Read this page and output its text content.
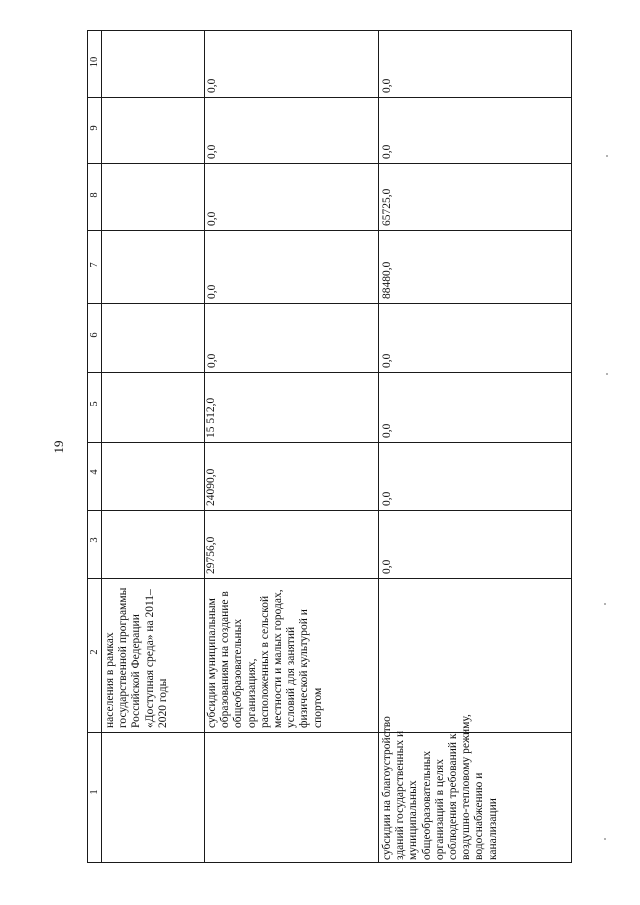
19
1
2
3
4
5
6
7
8
9
10
населения в рамках государственной программы Российской Федерации «Доступная среда» на 2011–2020 годы
29756,0
24090,0
15 512,0
субсидии муниципальным образованиям на создание в общеобразовательных организациях, расположенных в сельской местности и малых городах, условий для занятий физической культурой и спортом
0,0
0,0
0,0
0,0
0,0
субсидии на благоустройство зданий государственных и муниципальных общеобразовательных организаций в целях соблюдения требований к воздушно-тепловому режиму, водоснабжению и канализации
0,0
0,0
0,0
0,0
88480,0
65725,0
0,0
0,0
